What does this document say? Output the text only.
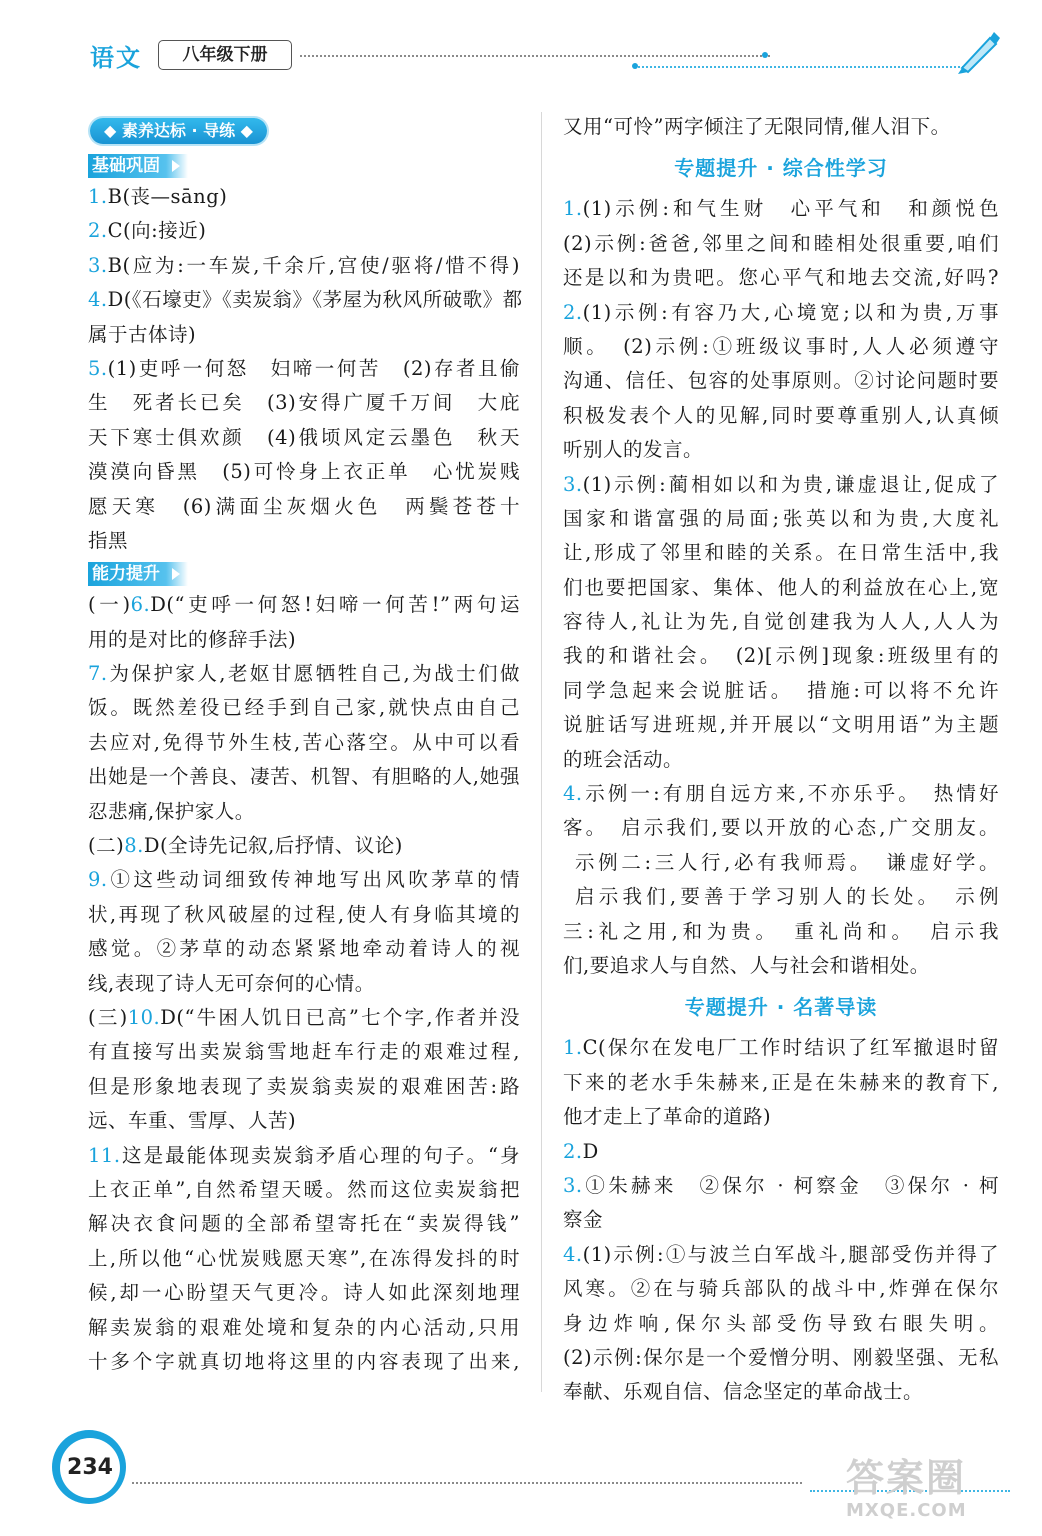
语文	八年级下册
◆ 素养达标 · 导练 ◆
基础巩固
1.B(丧—sāng)
2.C(向:接近)
3.B(应为:一车炭,千余斤,宫使/驱将/惜不得)
4.D(《石壕吏》《卖炭翁》《茅屋为秋风所破歌》都
属于古体诗)
5.(1)吏呼一何怒　妇啼一何苦　(2)存者且偷
生　死者长已矣　(3)安得广厦千万间　大庇
天下寒士俱欢颜　(4)俄顷风定云墨色　秋天
漠漠向昏黑　(5)可怜身上衣正单　心忧炭贱
愿天寒　(6)满面尘灰烟火色　两鬓苍苍十
指黑
能力提升
(一)6.D(“吏呼一何怒!妇啼一何苦!”两句运
用的是对比的修辞手法)
7.为保护家人,老妪甘愿牺牲自己,为战士们做
饭。既然差役已经手到自己家,就快点由自己
去应对,免得节外生枝,苦心落空。从中可以看
出她是一个善良、凄苦、机智、有胆略的人,她强
忍悲痛,保护家人。
(二)8.D(全诗先记叙,后抒情、议论)
9.①这些动词细致传神地写出风吹茅草的情
状,再现了秋风破屋的过程,使人有身临其境的
感觉。②茅草的动态紧紧地牵动着诗人的视
线,表现了诗人无可奈何的心情。
(三)10.D(“牛困人饥日已高”七个字,作者并没
有直接写出卖炭翁雪地赶车行走的艰难过程,
但是形象地表现了卖炭翁卖炭的艰难困苦:路
远、车重、雪厚、人苦)
11.这是最能体现卖炭翁矛盾心理的句子。“身
上衣正单”,自然希望天暖。然而这位卖炭翁把
解决衣食问题的全部希望寄托在“卖炭得钱”
上,所以他“心忧炭贱愿天寒”,在冻得发抖的时
候,却一心盼望天气更冷。诗人如此深刻地理
解卖炭翁的艰难处境和复杂的内心活动,只用
十多个字就真切地将这里的内容表现了出来,
又用“可怜”两字倾注了无限同情,催人泪下。
专题提升 · 综合性学习
1.(1)示例:和气生财　心平气和　和颜悦色
(2)示例:爸爸,邻里之间和睦相处很重要,咱们
还是以和为贵吧。您心平气和地去交流,好吗?
2.(1)示例:有容乃大,心境宽;以和为贵,万事
顺。　(2)示例:①班级议事时,人人必须遵守
沟通、信任、包容的处事原则。②讨论问题时要
积极发表个人的见解,同时要尊重别人,认真倾
听别人的发言。
3.(1)示例:蔺相如以和为贵,谦虚退让,促成了
国家和谐富强的局面;张英以和为贵,大度礼
让,形成了邻里和睦的关系。在日常生活中,我
们也要把国家、集体、他人的利益放在心上,宽
容待人,礼让为先,自觉创建我为人人,人人为
我的和谐社会。　(2)[示例]现象:班级里有的
同学急起来会说脏话。　措施:可以将不允许
说脏话写进班规,并开展以“文明用语”为主题
的班会活动。
4.示例一:有朋自远方来,不亦乐乎。　热情好
客。　启示我们,要以开放的心态,广交朋友。
示例二:三人行,必有我师焉。　谦虚好学。
启示我们,要善于学习别人的长处。　示例
三:礼之用,和为贵。　重礼尚和。　启示我
们,要追求人与自然、人与社会和谐相处。
专题提升 · 名著导读
1.C(保尔在发电厂工作时结识了红军撤退时留
下来的老水手朱赫来,正是在朱赫来的教育下,
他才走上了革命的道路)
2.D
3.①朱赫来　②保尔 · 柯察金　③保尔 · 柯
察金
4.(1)示例:①与波兰白军战斗,腿部受伤并得了
风寒。②在与骑兵部队的战斗中,炸弹在保尔
身边炸响,保尔头部受伤导致右眼失明。
(2)示例:保尔是一个爱憎分明、刚毅坚强、无私
奉献、乐观自信、信念坚定的革命战士。
234	答案圈
MXQE.COM
